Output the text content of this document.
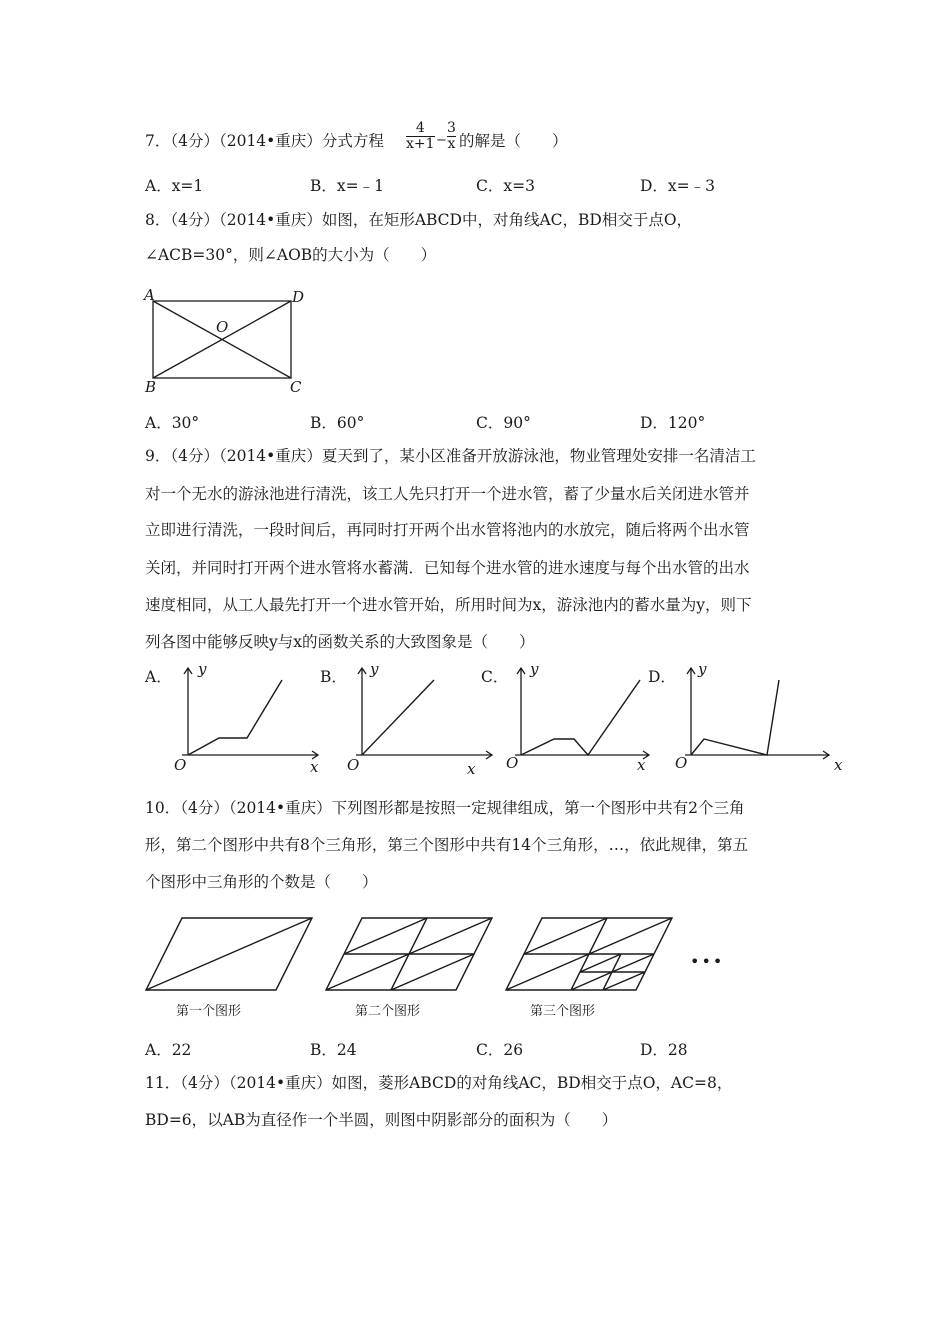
7．（4分）（2014•重庆）分式方程
4
x+1 −
3
x 的解是（　　）
A．x=1	B．x=﹣1	C．x=3	D．x=﹣3
8．（4分）（2014•重庆）如图，在矩形ABCD中，对角线AC，BD相交于点O，
∠ACB=30°，则∠AOB的大小为（　　）
A	D
O
B	C
A．30°	B．60°	C．90°	D．120°
9．（4分）（2014•重庆）夏天到了，某小区准备开放游泳池，物业管理处安排一名清洁工
对一个无水的游泳池进行清洗，该工人先只打开一个进水管，蓄了少量水后关闭进水管并
立即进行清洗，一段时间后，再同时打开两个出水管将池内的水放完，随后将两个出水管
关闭，并同时打开两个进水管将水蓄满．已知每个进水管的进水速度与每个出水管的出水
速度相同，从工人最先打开一个进水管开始，所用时间为x，游泳池内的蓄水量为y，则下
列各图中能够反映y与x的函数关系的大致图象是（　　）
A． y
O	x
B． y
O	x
C． y
O	x
D． y
O	x
10．（4分）（2014•重庆）下列图形都是按照一定规律组成，第一个图形中共有2个三角
形，第二个图形中共有8个三角形，第三个图形中共有14个三角形，…，依此规律，第五
个图形中三角形的个数是（　　）
•••
第一个图形	第二个图形	第三个图形
A．22	B．24	C．26	D．28
11．（4分）（2014•重庆）如图，菱形ABCD的对角线AC，BD相交于点O，AC=8，
BD=6，以AB为直径作一个半圆，则图中阴影部分的面积为（　　）
